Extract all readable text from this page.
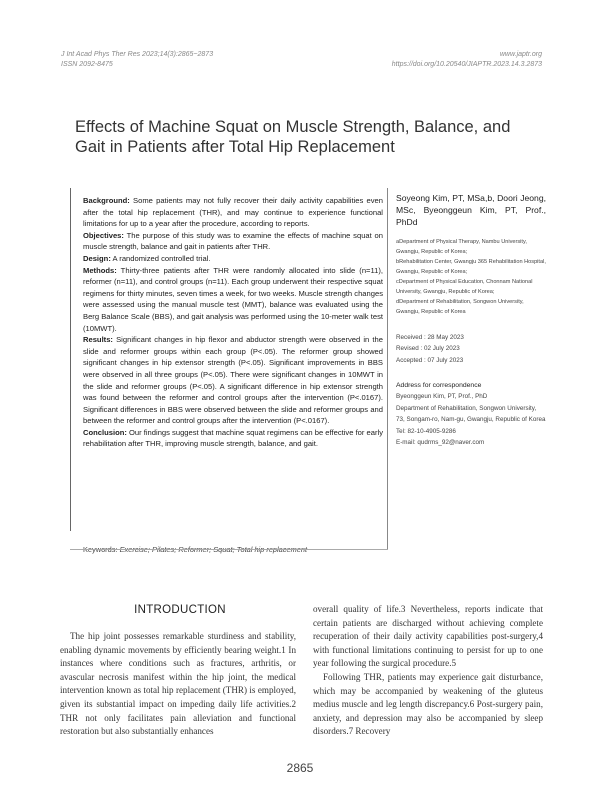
J Int Acad Phys Ther Res 2023;14(3):2865~2873
ISSN 2092-8475
www.japtr.org
https://doi.org/10.20540/JIAPTR.2023.14.3.2873
Effects of Machine Squat on Muscle Strength, Balance, and Gait in Patients after Total Hip Replacement

Background: Some patients may not fully recover their daily activity capabilities even after the total hip replacement (THR), and may continue to experience functional limitations for up to a year after the procedure, according to reports.

Objectives: The purpose of this study was to examine the effects of machine squat on muscle strength, balance and gait in patients after THR.

Design: A randomized controlled trial.

Methods: Thirty-three patients after THR were randomly allocated into slide (n=11), reformer (n=11), and control groups (n=11). Each group underwent their respective squat regimens for thirty minutes, seven times a week, for two weeks. Muscle strength changes were assessed using the manual muscle test (MMT), balance was evaluated using the Berg Balance Scale (BBS), and gait analysis was performed using the 10-meter walk test (10MWT).

Results: Significant changes in hip flexor and abductor strength were observed in the slide and reformer groups within each group (P<.05). The reformer group showed significant changes in hip extensor strength (P<.05). Significant improvements in BBS were observed in all three groups (P<.05). There were significant changes in 10MWT in the slide and reformer groups (P<.05). A significant difference in hip extensor strength was found between the reformer and control groups after the intervention (P<.0167). Significant differences in BBS were observed between the slide and reformer groups and between the reformer and control groups after the intervention (P<.0167).

Conclusion: Our findings suggest that machine squat regimens can be effective for early rehabilitation after THR, improving muscle strength, balance, and gait.

Soyeong Kim, PT, MSa,b, Doori Jeong, MSc, Byeonggeun Kim, PT, Prof., PhDd
aDepartment of Physical Therapy, Nambu University, Gwangju, Republic of Korea;
bRehabilitation Center, Gwangju 365 Rehabilitation Hospital, Gwangju, Republic of Korea;
cDepartment of Physical Education, Chonnam National University, Gwangju, Republic of Korea;
dDepartment of Rehabilitation, Songwon University, Gwangju, Republic of Korea
Received : 28 May 2023
Revised : 02 July 2023
Accepted : 07 July 2023
Address for correspondence
Byeonggeun Kim, PT, Prof., PhD
Department of Rehabilitation, Songwon University, 73, Songam-ro, Nam-gu, Gwangju, Republic of Korea
Tel: 82-10-4905-9286
E-mail: qudrms_92@naver.com
INTRODUCTION

The hip joint possesses remarkable sturdiness and stability, enabling dynamic movements by efficiently bearing weight.1 In instances where conditions such as fractures, arthritis, or avascular necrosis manifest within the hip joint, the medical intervention known as total hip replacement (THR) is employed, given its substantial impact on impeding daily life activities.2 THR not only facilitates pain alleviation and functional restoration but also substantially enhances

overall quality of life.3 Nevertheless, reports indicate that certain patients are discharged without achieving complete recuperation of their daily activity capabilities post-surgery,4 with functional limitations continuing to persist for up to one year following the surgical procedure.5

Following THR, patients may experience gait disturbance, which may be accompanied by weakening of the gluteus medius muscle and leg length discrepancy.6 Post-surgery pain, anxiety, and depression may also be accompanied by sleep disorders.7 Recovery

2865
